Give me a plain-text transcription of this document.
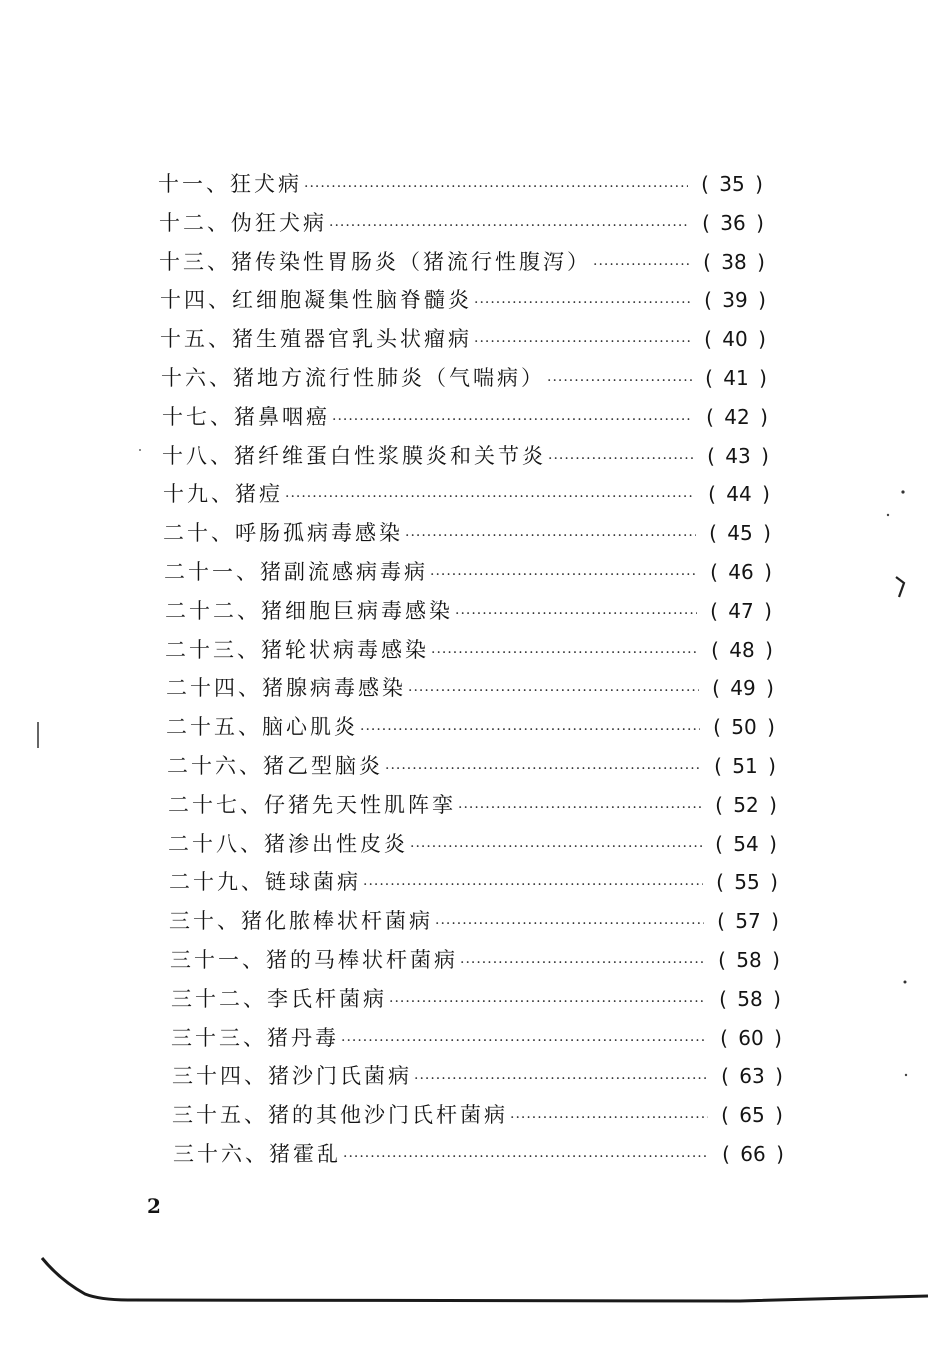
十一、狂犬病 ·····	( 35 )
十二、伪狂犬病 ·····	( 36 )
十三、猪传染性胃肠炎（猪流行性腹泻） ·····	( 38 )
十四、红细胞凝集性脑脊髓炎 ·····	( 39 )
十五、猪生殖器官乳头状瘤病 ·····	( 40 )
十六、猪地方流行性肺炎（气喘病） ·····	( 41 )
十七、猪鼻咽癌 ·····	( 42 )
十八、猪纤维蛋白性浆膜炎和关节炎 ·····	( 43 )
十九、猪痘 ·····	( 44 )
二十、呼肠孤病毒感染 ·····	( 45 )
二十一、猪副流感病毒病 ·····	( 46 )
二十二、猪细胞巨病毒感染 ·····	( 47 )
二十三、猪轮状病毒感染 ·····	( 48 )
二十四、猪腺病毒感染 ·····	( 49 )
二十五、脑心肌炎 ·····	( 50 )
二十六、猪乙型脑炎 ·····	( 51 )
二十七、仔猪先天性肌阵挛 ·····	( 52 )
二十八、猪渗出性皮炎 ·····	( 54 )
二十九、链球菌病 ·····	( 55 )
三十、猪化脓棒状杆菌病 ·····	( 57 )
三十一、猪的马棒状杆菌病 ·····	( 58 )
三十二、李氏杆菌病 ·····	( 58 )
三十三、猪丹毒 ·····	( 60 )
三十四、猪沙门氏菌病 ·····	( 63 )
三十五、猪的其他沙门氏杆菌病 ·····	( 65 )
三十六、猪霍乱 ·····	( 66 )
2
